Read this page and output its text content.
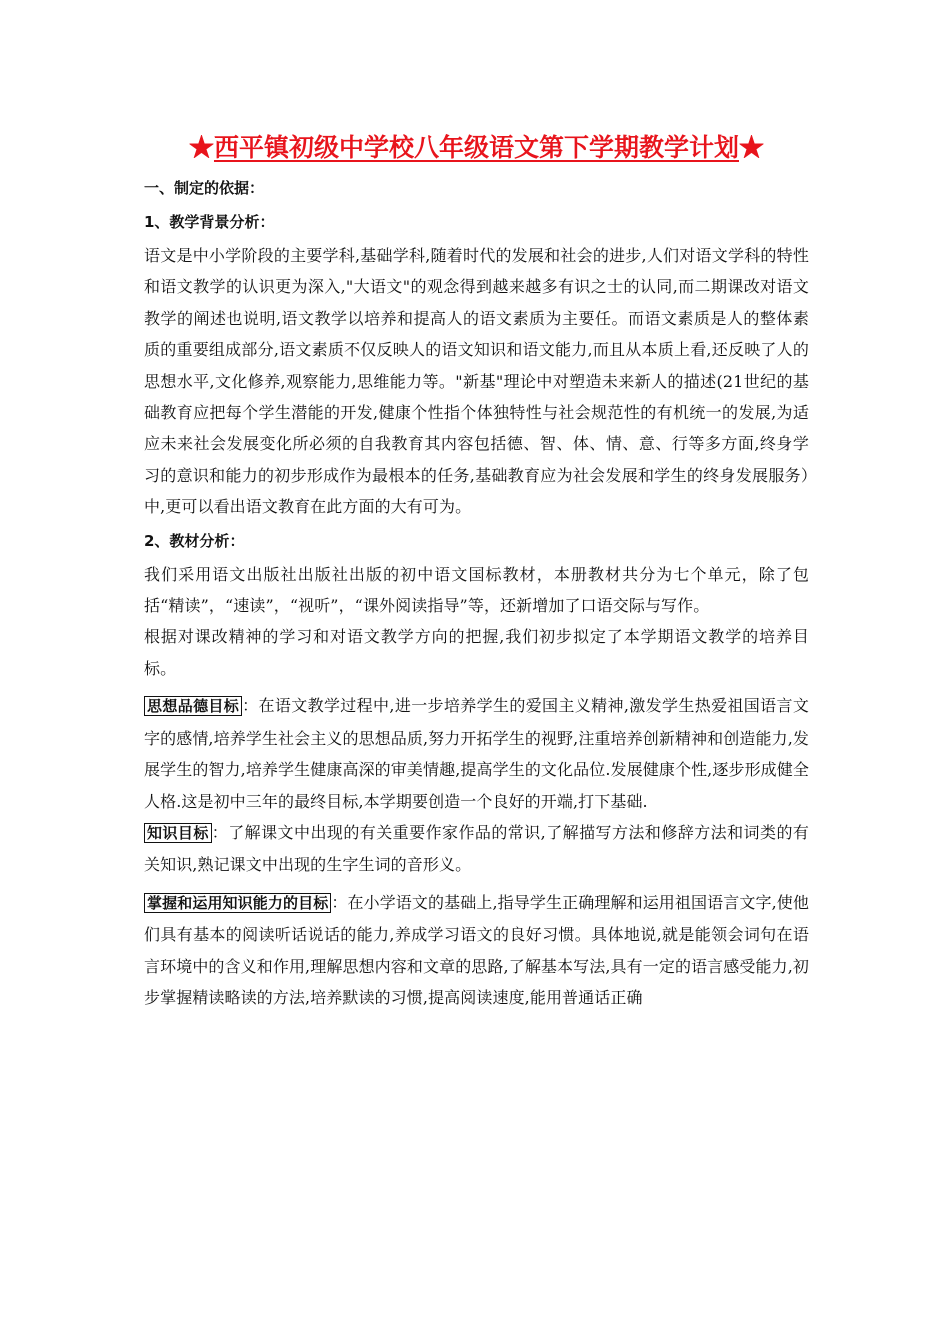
★西平镇初级中学校八年级语文第下学期教学计划★

一、制定的依据：

1、教学背景分析：

语文是中小学阶段的主要学科,基础学科,随着时代的发展和社会的进步,人们对语文学科的特性和语文教学的认识更为深入,"大语文"的观念得到越来越多有识之士的认同,而二期课改对语文教学的阐述也说明,语文教学以培养和提高人的语文素质为主要任。而语文素质是人的整体素质的重要组成部分,语文素质不仅反映人的语文知识和语文能力,而且从本质上看,还反映了人的思想水平,文化修养,观察能力,思维能力等。"新基"理论中对塑造未来新人的描述(21世纪的基础教育应把每个学生潜能的开发,健康个性指个体独特性与社会规范性的有机统一的发展,为适应未来社会发展变化所必须的自我教育其内容包括德、智、体、情、意、行等多方面,终身学习的意识和能力的初步形成作为最根本的任务,基础教育应为社会发展和学生的终身发展服务）中,更可以看出语文教育在此方面的大有可为。

2、教材分析：

我们采用语文出版社出版社出版的初中语文国标教材，本册教材共分为七个单元，除了包括“精读”，“速读”，“视听”，“课外阅读指导”等，还新增加了口语交际与写作。

根据对课改精神的学习和对语文教学方向的把握,我们初步拟定了本学期语文教学的培养目标。

思想品德目标 ：在语文教学过程中,进一步培养学生的爱国主义精神,激发学生热爱祖国语言文字的感情,培养学生社会主义的思想品质,努力开拓学生的视野,注重培养创新精神和创造能力,发展学生的智力,培养学生健康高深的审美情趣,提高学生的文化品位.发展健康个性,逐步形成健全人格.这是初中三年的最终目标,本学期要创造一个良好的开端,打下基础.

知识目标 ：了解课文中出现的有关重要作家作品的常识,了解描写方法和修辞方法和词类的有关知识,熟记课文中出现的生字生词的音形义。

掌握和运用知识能力的目标 ：在小学语文的基础上,指导学生正确理解和运用祖国语言文字,使他们具有基本的阅读听话说话的能力,养成学习语文的良好习惯。具体地说,就是能领会词句在语言环境中的含义和作用,理解思想内容和文章的思路,了解基本写法,具有一定的语言感受能力,初步掌握精读略读的方法,培养默读的习惯,提高阅读速度,能用普通话正确
